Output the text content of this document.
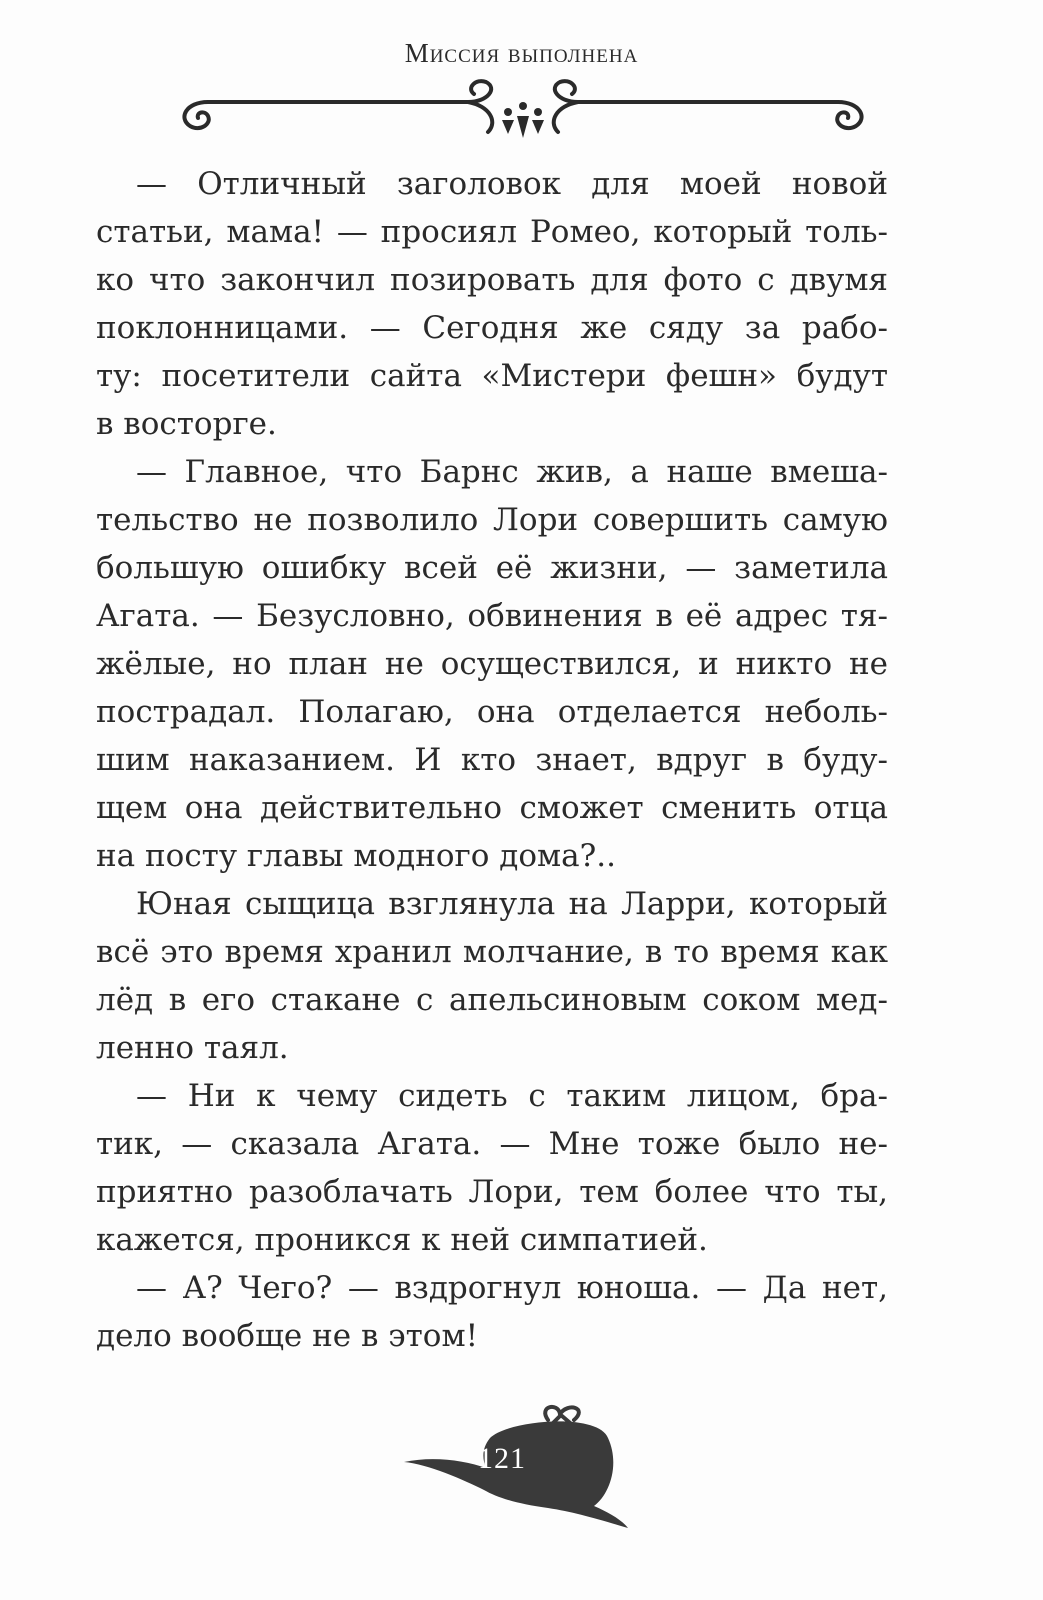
Миссия выполнена

— Отличный заголовок для моей новой
статьи, мама! — просиял Ромео, который толь-
ко что закончил позировать для фото с двумя
поклонницами. — Сегодня же сяду за рабо-
ту: посетители сайта «Мистери фешн» будут
в восторге.

— Главное, что Барнс жив, а наше вмеша-
тельство не позволило Лори совершить самую
большую ошибку всей её жизни, — заметила
Агата. — Безусловно, обвинения в её адрес тя-
жёлые, но план не осуществился, и никто не
пострадал. Полагаю, она отделается неболь-
шим наказанием. И кто знает, вдруг в буду-
щем она действительно сможет сменить отца
на посту главы модного дома?..

Юная сыщица взглянула на Ларри, который
всё это время хранил молчание, в то время как
лёд в его стакане с апельсиновым соком мед-
ленно таял.

— Ни к чему сидеть с таким лицом, бра-
тик, — сказала Агата. — Мне тоже было не-
приятно разоблачать Лори, тем более что ты,
кажется, проникся к ней симпатией.

— А? Чего? — вздрогнул юноша. — Да нет,
дело вообще не в этом!

121
